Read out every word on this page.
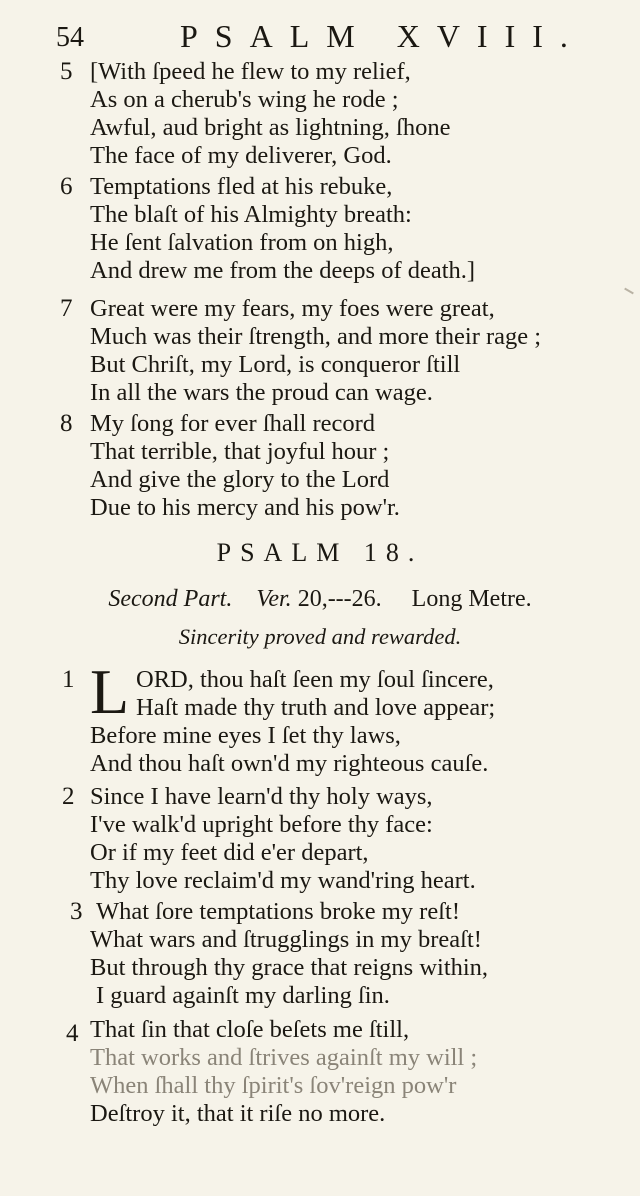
54	PSALM XVIII.
5 [With ſpeed he flew to my relief,
As on a cherub's wing he rode ;
Awful, aud bright as lightning, ſhone
The face of my deliverer, God.
6 Temptations fled at his rebuke,
The blaſt of his Almighty breath:
He ſent ſalvation from on high,
And drew me from the deeps of death.]
7 Great were my fears, my foes were great,
Much was their ſtrength, and more their rage ;
But Chriſt, my Lord, is conqueror ſtill
In all the wars the proud can wage.
8 My ſong for ever ſhall record
That terrible, that joyful hour ;
And give the glory to the Lord
Due to his mercy and his pow'r.
PSALM 18.
Second Part. Ver. 20,---26. Long Metre.
Sincerity proved and rewarded.
1 L ORD, thou haſt ſeen my ſoul ſincere,
Haſt made thy truth and love appear;
Before mine eyes I ſet thy laws,
And thou haſt own'd my righteous cauſe.
2 Since I have learn'd thy holy ways,
I've walk'd upright before thy face:
Or if my feet did e'er depart,
Thy love reclaim'd my wand'ring heart.
3 What ſore temptations broke my reſt!
What wars and ſtrugglings in my breaſt!
But through thy grace that reigns within,
I guard againſt my darling ſin.
4 That ſin that cloſe beſets me ſtill,
That works and ſtrives againſt my will ;
When ſhall thy ſpirit's ſov'reign pow'r
Deſtroy it, that it riſe no more.
